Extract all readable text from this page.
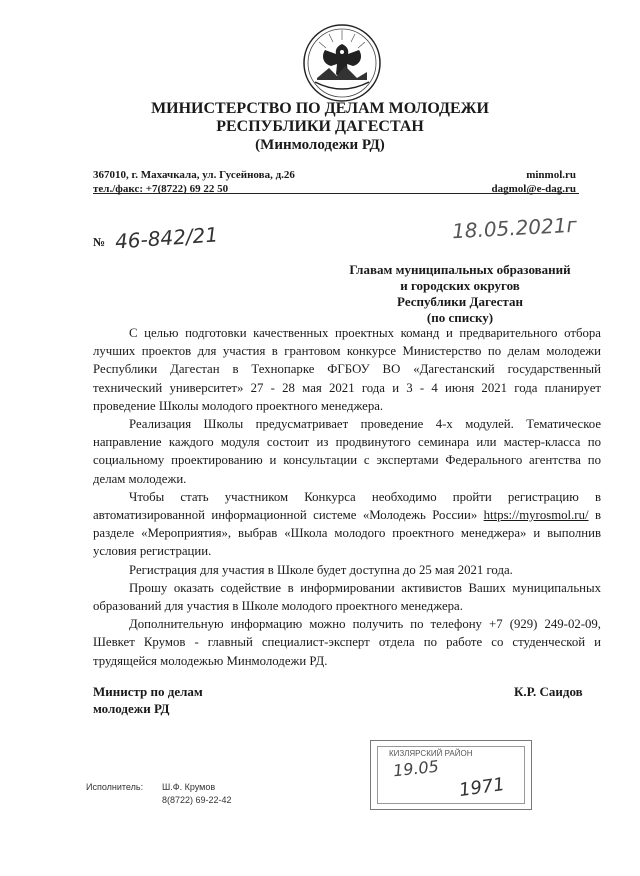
МИНИСТЕРСТВО ПО ДЕЛАМ МОЛОДЕЖИ
РЕСПУБЛИКИ ДАГЕСТАН
(Минмолодежи РД)
367010, г. Махачкала, ул. Гусейнова, д.26
тел./факс: +7(8722) 69 22 50
minmol.ru
dagmol@e-dag.ru
№ 46-842/21	18.05.2021г
Главам муниципальных образований
и городских округов
Республики Дагестан
(по списку)

С целью подготовки качественных проектных команд и предварительного отбора лучших проектов для участия в грантовом конкурсе Министерство по делам молодежи Республики Дагестан в Технопарке ФГБОУ ВО «Дагестанский государственный технический университет» 27 - 28 мая 2021 года и 3 - 4 июня 2021 года планирует проведение Школы молодого проектного менеджера.

Реализация Школы предусматривает проведение 4-х модулей. Тематическое направление каждого модуля состоит из продвинутого семинара или мастер-класса по социальному проектированию и консультации с экспертами Федерального агентства по делам молодежи.

Чтобы стать участником Конкурса необходимо пройти регистрацию в автоматизированной информационной системе «Молодежь России» https://myrosmol.ru/ в разделе «Мероприятия», выбрав «Школа молодого проектного менеджера» и выполнив условия регистрации.

Регистрация для участия в Школе будет доступна до 25 мая 2021 года.

Прошу оказать содействие в информировании активистов Ваших муниципальных образований для участия в Школе молодого проектного менеджера.

Дополнительную информацию можно получить по телефону +7 (929) 249-02-09, Шевкет Крумов - главный специалист-эксперт отдела по работе со студенческой и трудящейся молодежью Минмолодежи РД.

Министр по делам
молодежи РД
К.Р. Саидов
Исполнитель: Ш.Ф. Крумов
8(8722) 69-22-42
КИЗЛЯРСКИЙ РАЙОН
19.05
1971
